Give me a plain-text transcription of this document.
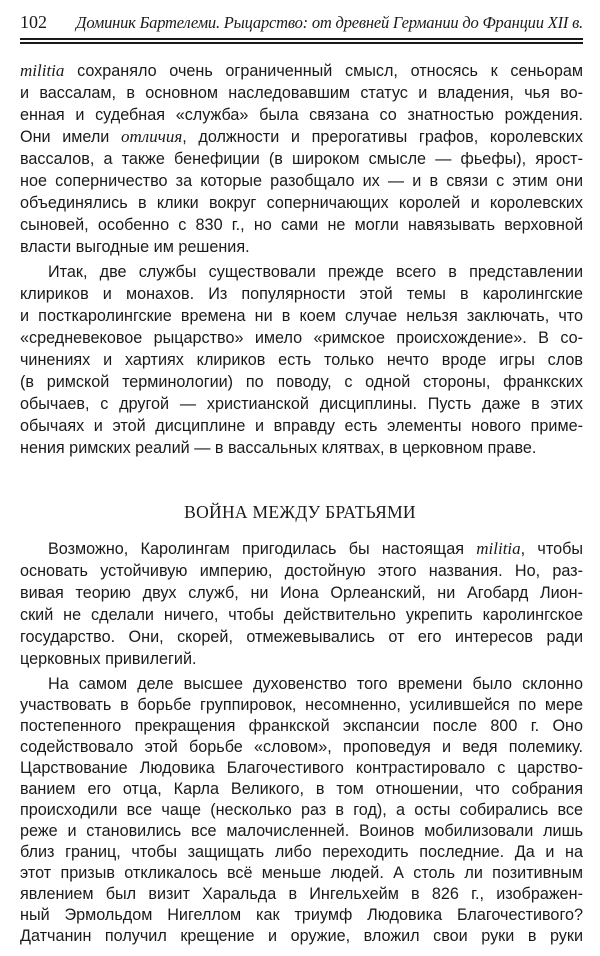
102 Доминик Бартелеми. Рыцарство: от древней Германии до Франции XII в.
militia сохраняло очень ограниченный смысл, относясь к сеньорам
и вассалам, в основном наследовавшим статус и владения, чья во-
енная и судебная «служба» была связана со знатностью рождения.
Они имели отличия, должности и прерогативы графов, королевских
вассалов, а также бенефиции (в широком смысле — фьефы), ярост-
ное соперничество за которые разобщало их — и в связи с этим они
объединялись в клики вокруг соперничающих королей и королевских
сыновей, особенно с 830 г., но сами не могли навязывать верховной
власти выгодные им решения.
Итак, две службы существовали прежде всего в представлении
клириков и монахов. Из популярности этой темы в каролингские
и посткаролингские времена ни в коем случае нельзя заключать, что
«средневековое рыцарство» имело «римское происхождение». В со-
чинениях и хартиях клириков есть только нечто вроде игры слов
(в римской терминологии) по поводу, с одной стороны, франкских
обычаев, с другой — христианской дисциплины. Пусть даже в этих
обычаях и этой дисциплине и вправду есть элементы нового приме-
нения римских реалий — в вассальных клятвах, в церковном праве.
ВОЙНА МЕЖДУ БРАТЬЯМИ
Возможно, Каролингам пригодилась бы настоящая militia, чтобы
основать устойчивую империю, достойную этого названия. Но, раз-
вивая теорию двух служб, ни Иона Орлеанский, ни Агобард Лион-
ский не сделали ничего, чтобы действительно укрепить каролингское
государство. Они, скорей, отмежевывались от его интересов ради
церковных привилегий.
На самом деле высшее духовенство того времени было склонно
участвовать в борьбе группировок, несомненно, усилившейся по мере
постепенного прекращения франкской экспансии после 800 г. Оно
содействовало этой борьбе «словом», проповедуя и ведя полемику.
Царствование Людовика Благочестивого контрастировало с царство-
ванием его отца, Карла Великого, в том отношении, что собрания
происходили все чаще (несколько раз в год), а осты собирались все
реже и становились все малочисленней. Воинов мобилизовали лишь
близ границ, чтобы защищать либо переходить последние. Да и на
этот призыв откликалось всё меньше людей. А столь ли позитивным
явлением был визит Харальда в Ингельхейм в 826 г., изображен-
ный Эрмольдом Нигеллом как триумф Людовика Благочестивого?
Датчанин получил крещение и оружие, вложил свои руки в руки
